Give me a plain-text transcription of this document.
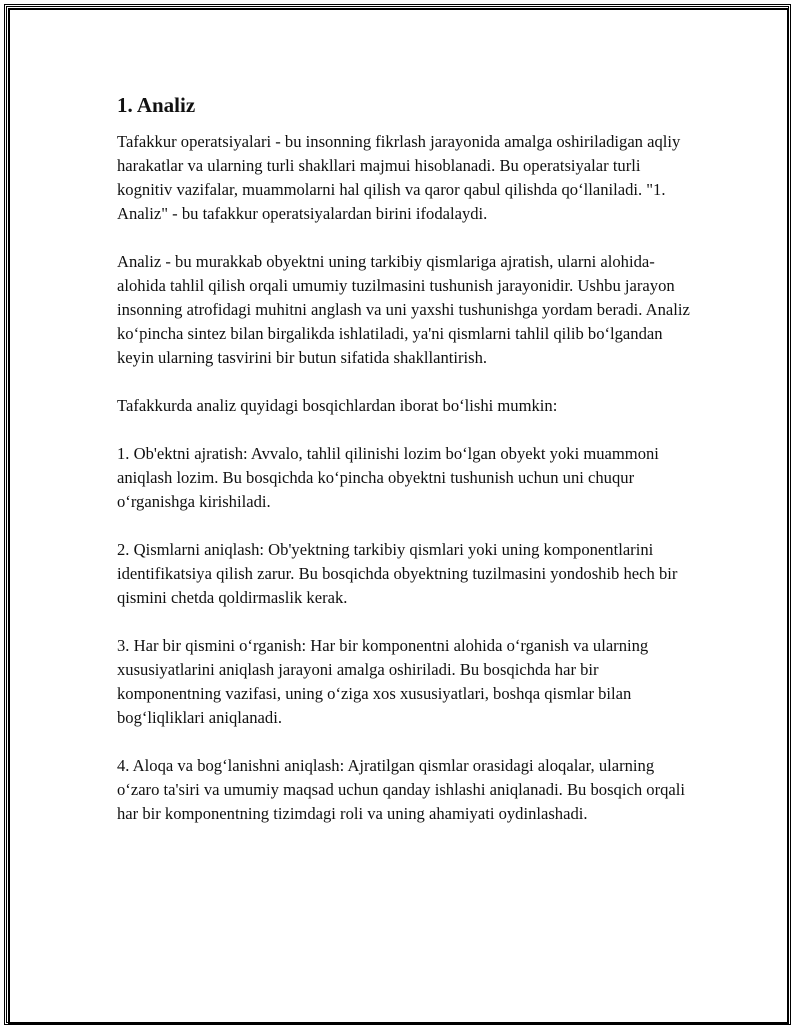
1. Analiz

Tafakkur operatsiyalari - bu insonning fikrlash jarayonida amalga oshiriladigan aqliy harakatlar va ularning turli shakllari majmui hisoblanadi. Bu operatsiyalar turli kognitiv vazifalar, muammolarni hal qilish va qaror qabul qilishda qo‘llaniladi. "1. Analiz" - bu tafakkur operatsiyalardan birini ifodalaydi.

Analiz - bu murakkab obyektni uning tarkibiy qismlariga ajratish, ularni alohida-alohida tahlil qilish orqali umumiy tuzilmasini tushunish jarayonidir. Ushbu jarayon insonning atrofidagi muhitni anglash va uni yaxshi tushunishga yordam beradi. Analiz ko‘pincha sintez bilan birgalikda ishlatiladi, ya'ni qismlarni tahlil qilib bo‘lgandan keyin ularning tasvirini bir butun sifatida shakllantirish.

Tafakkurda analiz quyidagi bosqichlardan iborat bo‘lishi mumkin:

1. Ob'ektni ajratish: Avvalo, tahlil qilinishi lozim bo‘lgan obyekt yoki muammoni aniqlash lozim. Bu bosqichda ko‘pincha obyektni tushunish uchun uni chuqur o‘rganishga kirishiladi.

2. Qismlarni aniqlash: Ob'yektning tarkibiy qismlari yoki uning komponentlarini identifikatsiya qilish zarur. Bu bosqichda obyektning tuzilmasini yondoshib hech bir qismini chetda qoldirmaslik kerak.

3. Har bir qismini o‘rganish: Har bir komponentni alohida o‘rganish va ularning xususiyatlarini aniqlash jarayoni amalga oshiriladi. Bu bosqichda har bir komponentning vazifasi, uning o‘ziga xos xususiyatlari, boshqa qismlar bilan bog‘liqliklari aniqlanadi.

4. Aloqa va bog‘lanishni aniqlash: Ajratilgan qismlar orasidagi aloqalar, ularning o‘zaro ta'siri va umumiy maqsad uchun qanday ishlashi aniqlanadi. Bu bosqich orqali har bir komponentning tizimdagi roli va uning ahamiyati oydinlashadi.
